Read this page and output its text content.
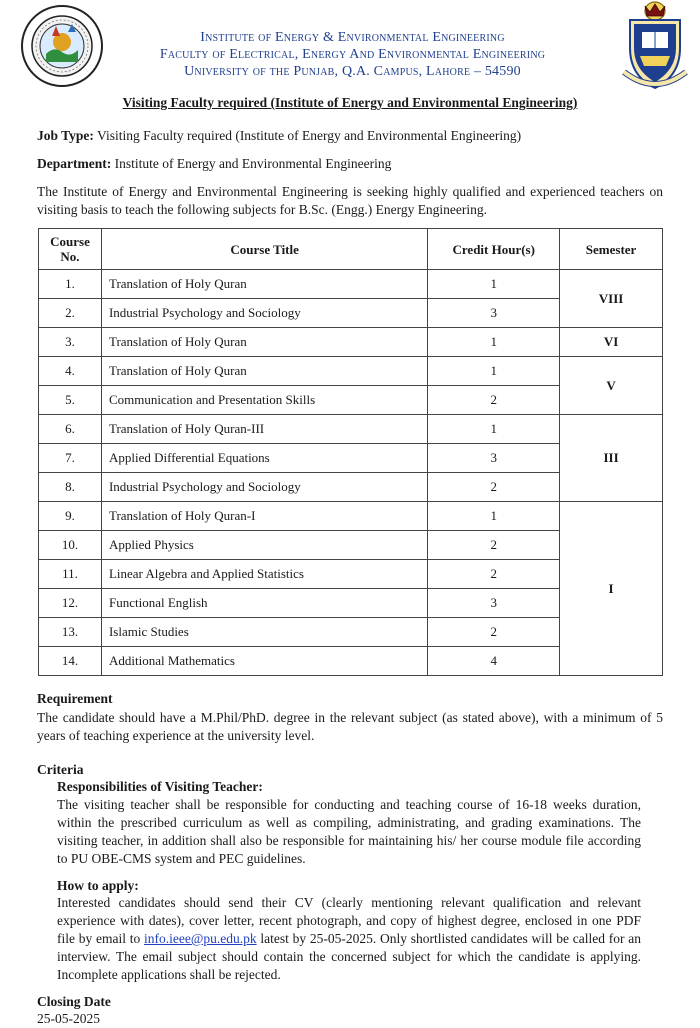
Institute of Energy & Environmental Engineering
Faculty of Electrical, Energy And Environmental Engineering
University of the Punjab, Q.A. Campus, Lahore – 54590
Visiting Faculty required (Institute of Energy and Environmental Engineering)
Job Type: Visiting Faculty required (Institute of Energy and Environmental Engineering)
Department: Institute of Energy and Environmental Engineering
The Institute of Energy and Environmental Engineering is seeking highly qualified and experienced teachers on visiting basis to teach the following subjects for B.Sc. (Engg.) Energy Engineering.
Course No.	Course Title	Credit Hour(s)	Semester
1.	Translation of Holy Quran	1	VIII
2.	Industrial Psychology and Sociology	3	
3.	Translation of Holy Quran	1	VI
4.	Translation of Holy Quran	1	V
5.	Communication and Presentation Skills	2	
6.	Translation of Holy Quran-III	1	III
7.	Applied Differential Equations	3	
8.	Industrial Psychology and Sociology	2	
9.	Translation of Holy Quran-I	1	I
10.	Applied Physics	2	
11.	Linear Algebra and Applied Statistics	2	
12.	Functional English	3	
13.	Islamic Studies	2	
14.	Additional Mathematics	4	
Requirement
The candidate should have a M.Phil/PhD. degree in the relevant subject (as stated above), with a minimum of 5 years of teaching experience at the university level.
Criteria
Responsibilities of Visiting Teacher:
The visiting teacher shall be responsible for conducting and teaching course of 16-18 weeks duration, within the prescribed curriculum as well as compiling, administrating, and grading examinations. The visiting teacher, in addition shall also be responsible for maintaining his/ her course module file according to PU OBE-CMS system and PEC guidelines.
How to apply:
Interested candidates should send their CV (clearly mentioning relevant qualification and relevant experience with dates), cover letter, recent photograph, and copy of highest degree, enclosed in one PDF file by email to info.ieee@pu.edu.pk latest by 25-05-2025. Only shortlisted candidates will be called for an interview. The email subject should contain the concerned subject for which the candidate is applying. Incomplete applications shall be rejected.
Closing Date
25-05-2025
